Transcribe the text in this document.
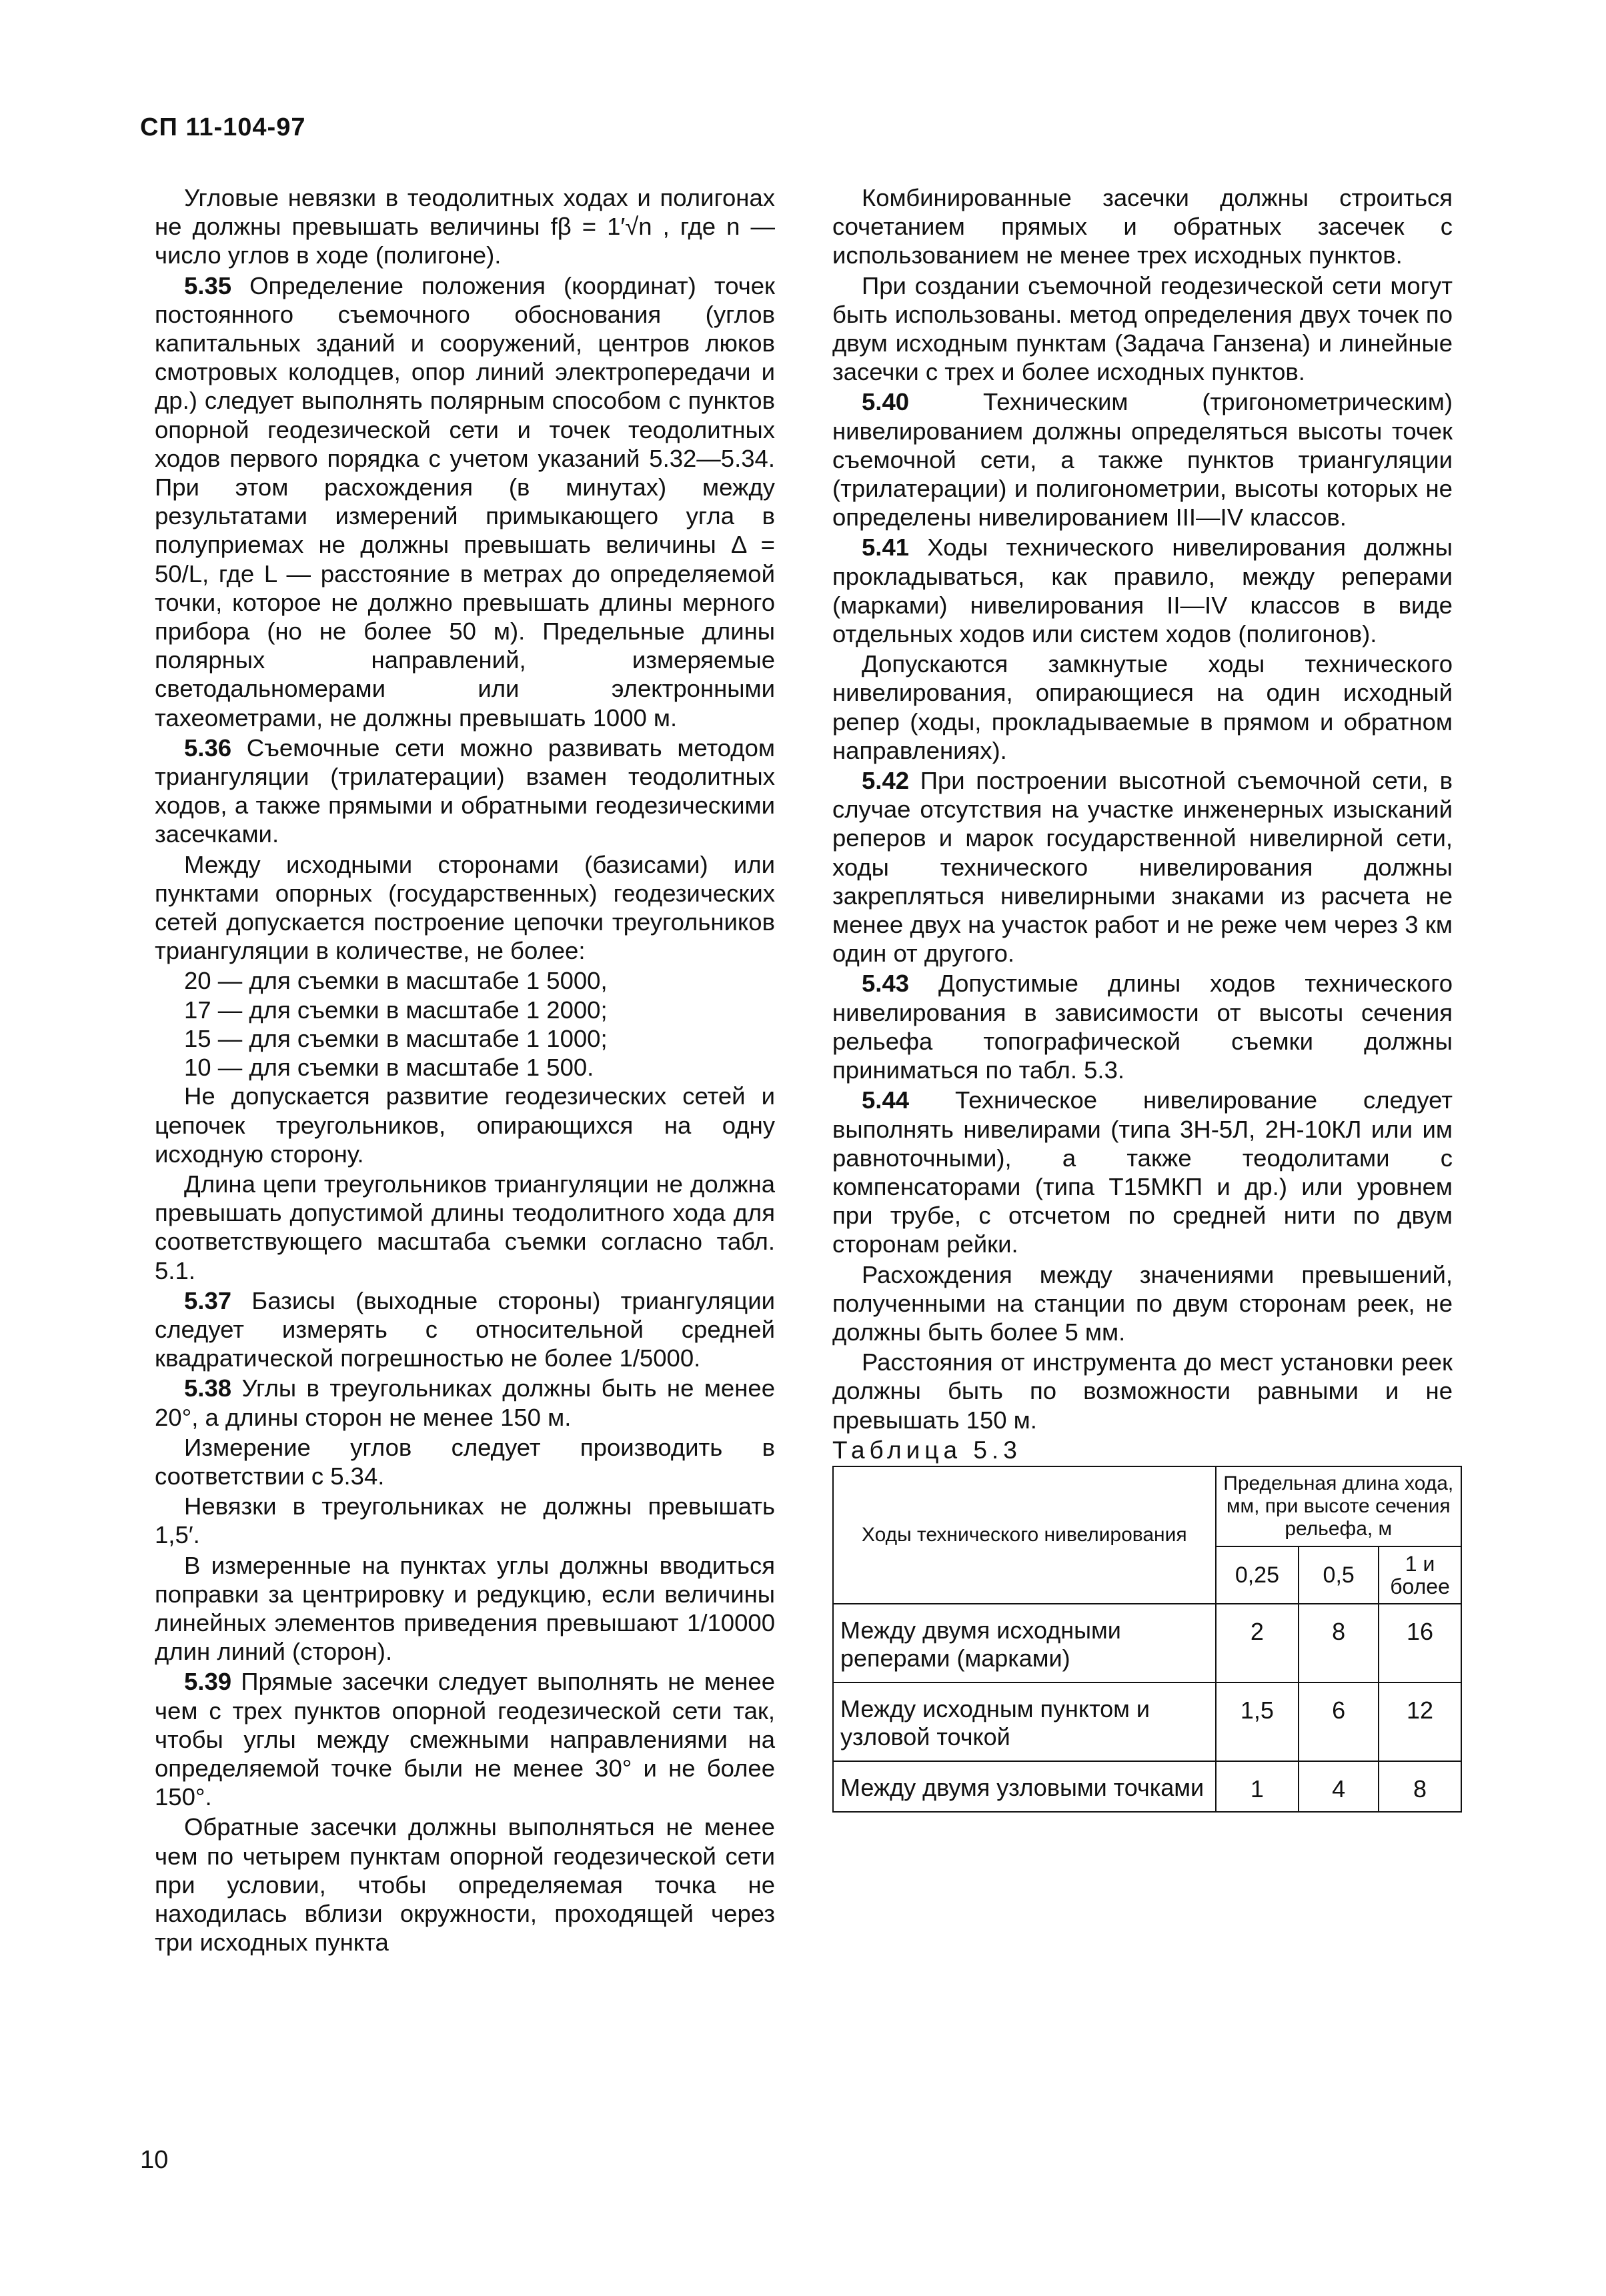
СП 11-104-97

Угловые невязки в теодолитных ходах и полигонах не должны превышать величины fβ = 1′√n , где n — число углов в ходе (полигоне).

5.35 Определение положения (координат) точек постоянного съемочного обоснования (углов капитальных зданий и сооружений, центров люков смотровых колодцев, опор линий электропередачи и др.) следует выполнять полярным способом с пунктов опорной геодезической сети и точек теодолитных ходов первого порядка с учетом указаний 5.32—5.34. При этом расхождения (в минутах) между результатами измерений примыкающего угла в полуприемах не должны превышать величины Δ = 50/L, где L — расстояние в метрах до определяемой точки, которое не должно превышать длины мерного прибора (но не более 50 м). Предельные длины полярных направлений, измеряемые светодальномерами или электронными тахеометрами, не должны превышать 1000 м.

5.36 Съемочные сети можно развивать методом триангуляции (трилатерации) взамен теодолитных ходов, а также прямыми и обратными геодезическими засечками.

Между исходными сторонами (базисами) или пунктами опорных (государственных) геодезических сетей допускается построение цепочки треугольников триангуляции в количестве, не более:

20 — для съемки в масштабе 1 5000,

17 — для съемки в масштабе 1 2000;

15 — для съемки в масштабе 1 1000;

10 — для съемки в масштабе 1 500.

Не допускается развитие геодезических сетей и цепочек треугольников, опирающихся на одну исходную сторону.

Длина цепи треугольников триангуляции не должна превышать допустимой длины теодолитного хода для соответствующего масштаба съемки согласно табл. 5.1.

5.37 Базисы (выходные стороны) триангуляции следует измерять с относительной средней квадратической погрешностью не более 1/5000.

5.38 Углы в треугольниках должны быть не менее 20°, а длины сторон не менее 150 м.

Измерение углов следует производить в соответствии с 5.34.

Невязки в треугольниках не должны превышать 1,5′.

В измеренные на пунктах углы должны вводиться поправки за центрировку и редукцию, если величины линейных элементов приведения превышают 1/10000 длин линий (сторон).

5.39 Прямые засечки следует выполнять не менее чем с трех пунктов опорной геодезической сети так, чтобы углы между смежными направлениями на определяемой точке были не менее 30° и не более 150°.

Обратные засечки должны выполняться не менее чем по четырем пунктам опорной геодезической сети при условии, чтобы определяемая точка не находилась вблизи окружности, проходящей через три исходных пункта

Комбинированные засечки должны строиться сочетанием прямых и обратных засечек с использованием не менее трех исходных пунктов.

При создании съемочной геодезической сети могут быть использованы. метод определения двух точек по двум исходным пунктам (Задача Ганзена) и линейные засечки с трех и более исходных пунктов.

5.40 Техническим (тригонометрическим) нивелированием должны определяться высоты точек съемочной сети, а также пунктов триангуляции (трилатерации) и полигонометрии, высоты которых не определены нивелированием III—IV классов.

5.41 Ходы технического нивелирования должны прокладываться, как правило, между реперами (марками) нивелирования II—IV классов в виде отдельных ходов или систем ходов (полигонов).

Допускаются замкнутые ходы технического нивелирования, опирающиеся на один исходный репер (ходы, прокладываемые в прямом и обратном направлениях).

5.42 При построении высотной съемочной сети, в случае отсутствия на участке инженерных изысканий реперов и марок государственной нивелирной сети, ходы технического нивелирования должны закрепляться нивелирными знаками из расчета не менее двух на участок работ и не реже чем через 3 км один от другого.

5.43 Допустимые длины ходов технического нивелирования в зависимости от высоты сечения рельефа топографической съемки должны приниматься по табл. 5.3.

5.44 Техническое нивелирование следует выполнять нивелирами (типа 3Н-5Л, 2Н-10КЛ или им равноточными), а также теодолитами с компенсаторами (типа Т15МКП и др.) или уровнем при трубе, с отсчетом по средней нити по двум сторонам рейки.

Расхождения между значениями превышений, полученными на станции по двум сторонам реек, не должны быть более 5 мм.

Расстояния от инструмента до мест установки реек должны быть по возможности равными и не превышать 150 м.

Таблица 5.3

Ходы технического нивелирования	Предельная длина хода, мм, при высоте сечения рельефа, м		
	0,25	0,5	1 и более
Между двумя исходными реперами (марками)	2	8	16
Между исходным пунктом и узловой точкой	1,5	6	12
Между двумя узловыми точками	1	4	8
10
